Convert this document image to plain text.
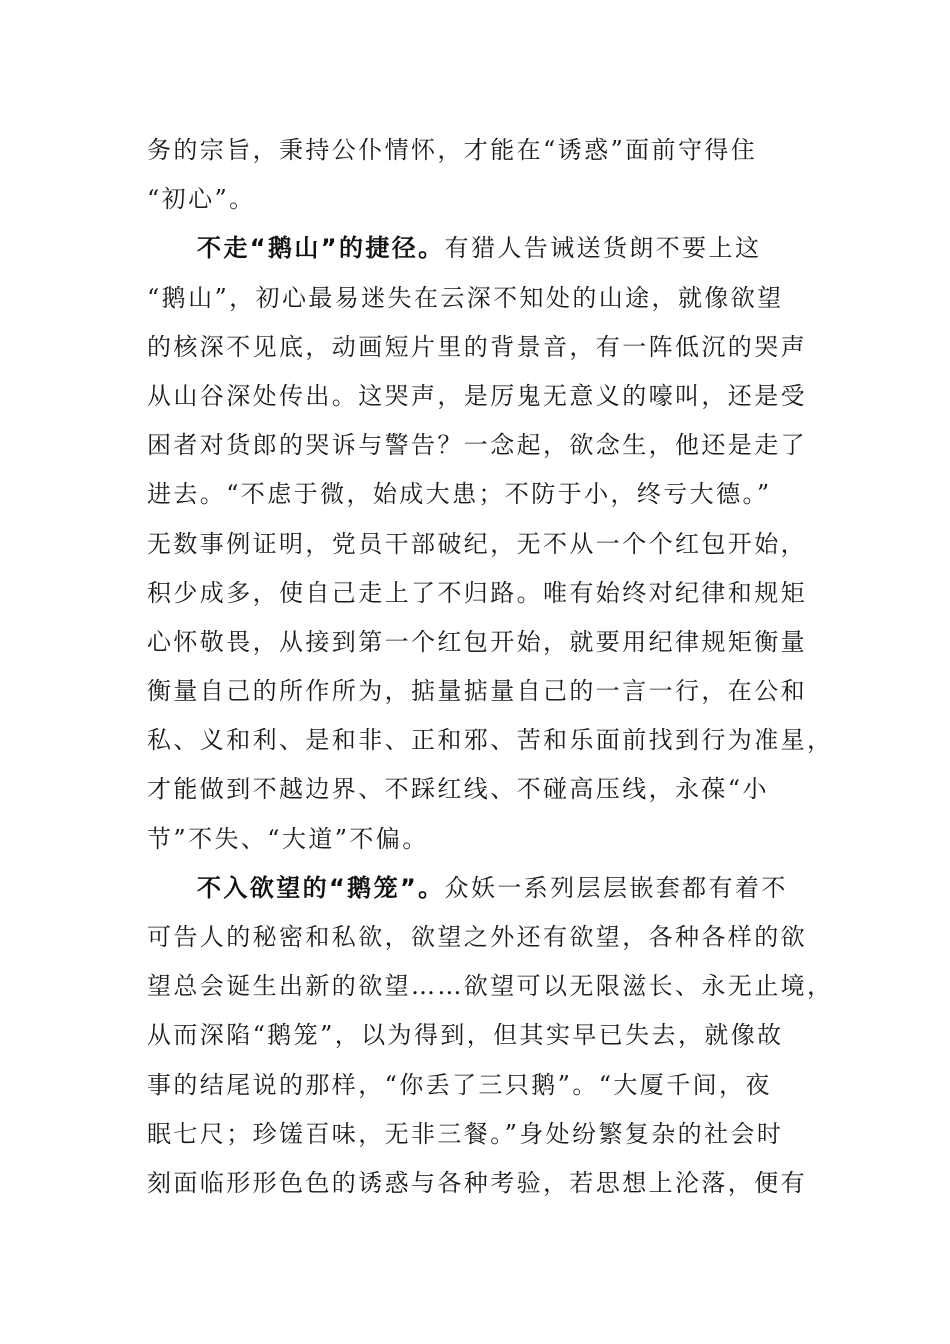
务的宗旨，秉持公仆情怀，才能在“诱惑”面前守得住
“初心”。
不走“鹅山”的捷径。有猎人告诫送货朗不要上这
“鹅山”，初心最易迷失在云深不知处的山途，就像欲望
的核深不见底，动画短片里的背景音，有一阵低沉的哭声
从山谷深处传出。这哭声，是厉鬼无意义的嚎叫，还是受
困者对货郎的哭诉与警告？一念起，欲念生，他还是走了
进去。“不虑于微，始成大患；不防于小，终亏大德。”
无数事例证明，党员干部破纪，无不从一个个红包开始，
积少成多，使自己走上了不归路。唯有始终对纪律和规矩
心怀敬畏，从接到第一个红包开始，就要用纪律规矩衡量
衡量自己的所作所为，掂量掂量自己的一言一行，在公和
私、义和利、是和非、正和邪、苦和乐面前找到行为准星，
才能做到不越边界、不踩红线、不碰高压线，永葆“小
节”不失、“大道”不偏。
不入欲望的“鹅笼”。众妖一系列层层嵌套都有着不
可告人的秘密和私欲，欲望之外还有欲望，各种各样的欲
望总会诞生出新的欲望……欲望可以无限滋长、永无止境，
从而深陷“鹅笼”，以为得到，但其实早已失去，就像故
事的结尾说的那样，“你丢了三只鹅”。“大厦千间，夜
眠七尺；珍馐百味，无非三餐。”身处纷繁复杂的社会时
刻面临形形色色的诱惑与各种考验，若思想上沦落，便有
